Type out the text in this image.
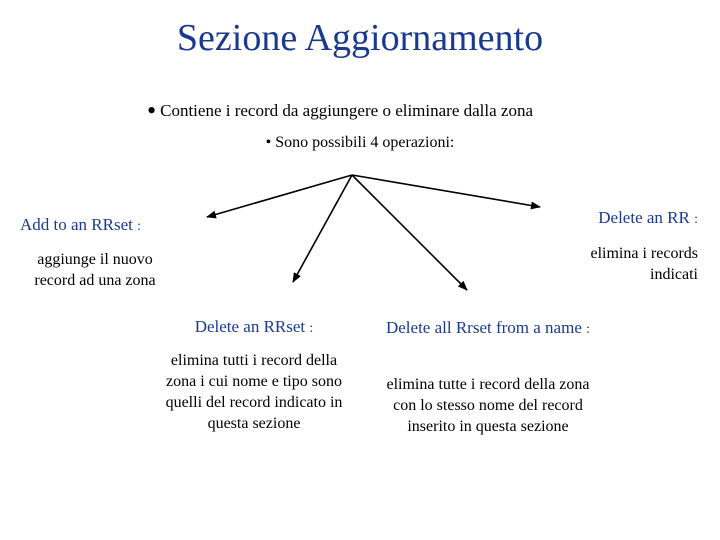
Sezione Aggiornamento
• Contiene i record da aggiungere o eliminare dalla zona
• Sono possibili 4 operazioni:
Add to an RRset :
aggiunge il nuovo record ad una zona
Delete an RR :
elimina i records indicati
Delete an RRset :
elimina tutti i record della zona i cui nome e tipo sono quelli del record indicato in questa sezione
Delete all Rrset from a name :
elimina tutte i record della zona con lo stesso nome del record inserito in questa sezione
